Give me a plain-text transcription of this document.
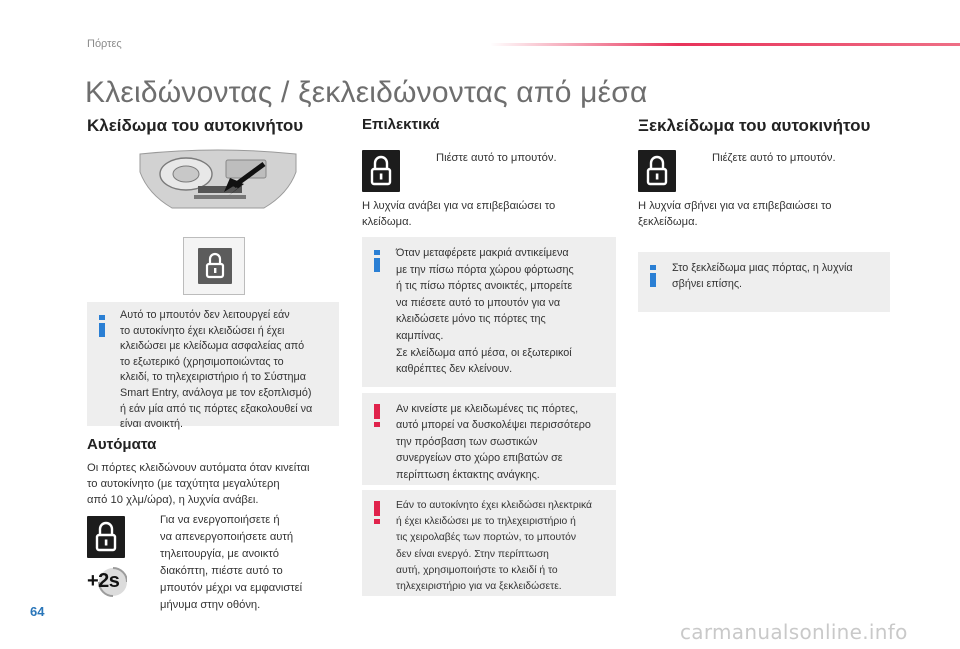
Πόρτες
Κλειδώνοντας / ξεκλειδώνοντας από μέσα
Κλείδωμα του αυτοκινήτου
Αυτό το μπουτόν δεν λειτουργεί εάν
το αυτοκίνητο έχει κλειδώσει ή έχει
κλειδώσει με κλείδωμα ασφαλείας από
το εξωτερικό (χρησιμοποιώντας το
κλειδί, το τηλεχειριστήριο ή το Σύστημα
Smart Entry, ανάλογα με τον εξοπλισμό)
ή εάν μία από τις πόρτες εξακολουθεί να
είναι ανοικτή.
Αυτόματα
Οι πόρτες κλειδώνουν αυτόματα όταν κινείται
το αυτοκίνητο (με ταχύτητα μεγαλύτερη
από 10 χλμ/ώρα), η λυχνία ανάβει.
+2s
Για να ενεργοποιήσετε ή
να απενεργοποιήσετε αυτή
τηλειτουργία, με ανοικτό
διακόπτη, πιέστε αυτό το
μπουτόν μέχρι να εμφανιστεί
μήνυμα στην οθόνη.
Επιλεκτικά
Πιέστε αυτό το μπουτόν.
Η λυχνία ανάβει για να επιβεβαιώσει το
κλείδωμα.
Όταν μεταφέρετε μακριά αντικείμενα
με την πίσω πόρτα χώρου φόρτωσης
ή τις πίσω πόρτες ανοικτές, μπορείτε
να πιέσετε αυτό το μπουτόν για να
κλειδώσετε μόνο τις πόρτες της
καμπίνας.
Σε κλείδωμα από μέσα, οι εξωτερικοί
καθρέπτες δεν κλείνουν.
Αν κινείστε με κλειδωμένες τις πόρτες,
αυτό μπορεί να δυσκολέψει περισσότερο
την πρόσβαση των σωστικών
συνεργείων στο χώρο επιβατών σε
περίπτωση έκτακτης ανάγκης.
Εάν το αυτοκίνητο έχει κλειδώσει ηλεκτρικά
ή έχει κλειδώσει με το τηλεχειριστήριο ή
τις χειρολαβές των πορτών, το μπουτόν
δεν είναι ενεργό. Στην περίπτωση
αυτή, χρησιμοποιήστε το κλειδί ή το
τηλεχειριστήριο για να ξεκλειδώσετε.
Ξεκλείδωμα του αυτοκινήτου
Πιέζετε αυτό το μπουτόν.
Η λυχνία σβήνει για να επιβεβαιώσει το
ξεκλείδωμα.
Στο ξεκλείδωμα μιας πόρτας, η λυχνία
σβήνει επίσης.
64
carmanualsonline.info
